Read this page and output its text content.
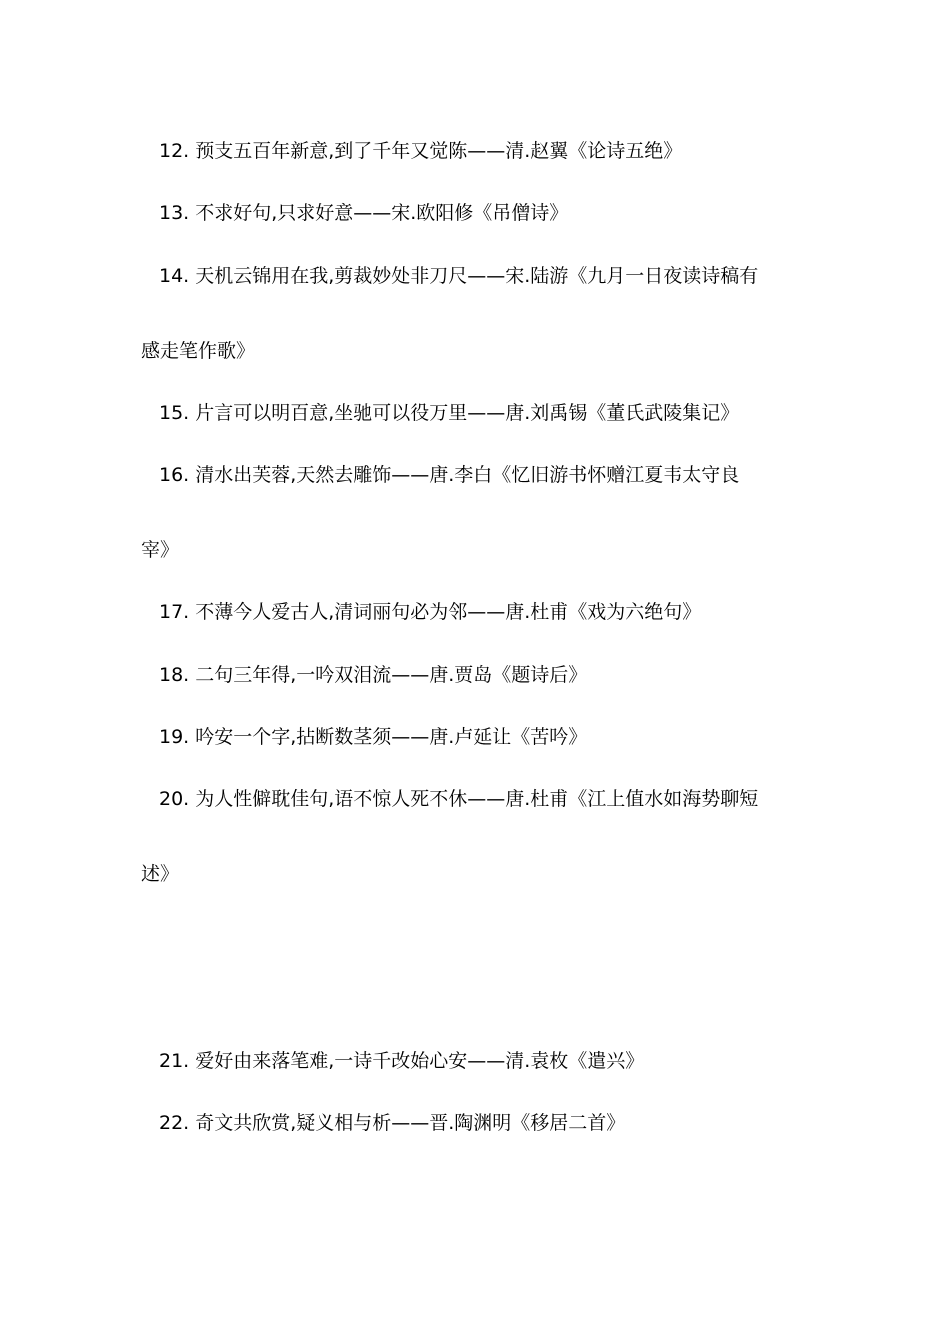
12. 预支五百年新意,到了千年又觉陈——清.赵翼《论诗五绝》
13. 不求好句,只求好意——宋.欧阳修《吊僧诗》
14. 天机云锦用在我,剪裁妙处非刀尺——宋.陆游《九月一日夜读诗稿有
感走笔作歌》
15. 片言可以明百意,坐驰可以役万里——唐.刘禹锡《董氏武陵集记》
16. 清水出芙蓉,天然去雕饰——唐.李白《忆旧游书怀赠江夏韦太守良
宰》
17. 不薄今人爱古人,清词丽句必为邻——唐.杜甫《戏为六绝句》
18. 二句三年得,一吟双泪流——唐.贾岛《题诗后》
19. 吟安一个字,拈断数茎须——唐.卢延让《苦吟》
20. 为人性僻耽佳句,语不惊人死不休——唐.杜甫《江上值水如海势聊短
述》
21. 爱好由来落笔难,一诗千改始心安——清.袁枚《遣兴》
22. 奇文共欣赏,疑义相与析——晋.陶渊明《移居二首》
